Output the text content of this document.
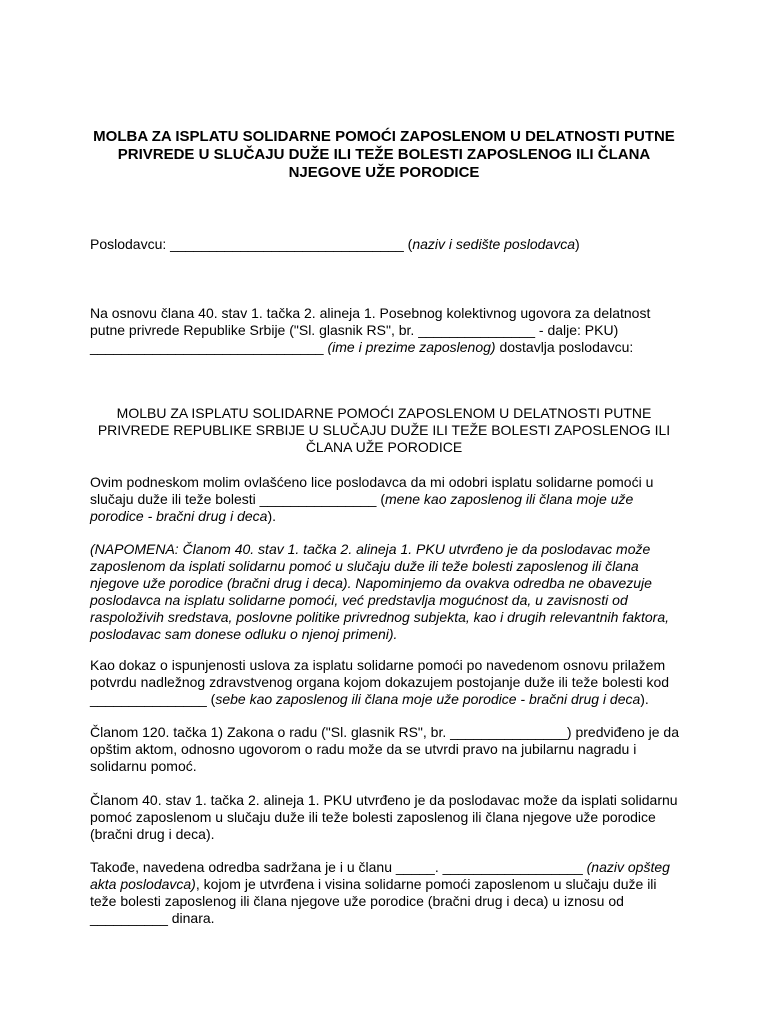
MOLBA ZA ISPLATU SOLIDARNE POMOĆI ZAPOSLENOM U DELATNOSTI PUTNE
PRIVREDE U SLUČAJU DUŽE ILI TEŽE BOLESTI ZAPOSLENOG ILI ČLANA
NJEGOVE UŽE PORODICE
Poslodavcu: ______________________________ (naziv i sedište poslodavca)
Na osnovu člana 40. stav 1. tačka 2. alineja 1. Posebnog kolektivnog ugovora za delatnost
putne privrede Republike Srbije ("Sl. glasnik RS", br. _______________ - dalje: PKU)
______________________________ (ime i prezime zaposlenog) dostavlja poslodavcu:
MOLBU ZA ISPLATU SOLIDARNE POMOĆI ZAPOSLENOM U DELATNOSTI PUTNE
PRIVREDE REPUBLIKE SRBIJE U SLUČAJU DUŽE ILI TEŽE BOLESTI ZAPOSLENOG ILI
ČLANA UŽE PORODICE
Ovim podneskom molim ovlašćeno lice poslodavca da mi odobri isplatu solidarne pomoći u
slučaju duže ili teže bolesti _______________ (mene kao zaposlenog ili člana moje uže
porodice - bračni drug i deca).
(NAPOMENA: Članom 40. stav 1. tačka 2. alineja 1. PKU utvrđeno je da poslodavac može
zaposlenom da isplati solidarnu pomoć u slučaju duže ili teže bolesti zaposlenog ili člana
njegove uže porodice (bračni drug i deca). Napominjemo da ovakva odredba ne obavezuje
poslodavca na isplatu solidarne pomoći, već predstavlja mogućnost da, u zavisnosti od
raspoloživih sredstava, poslovne politike privrednog subjekta, kao i drugih relevantnih faktora,
poslodavac sam donese odluku o njenoj primeni).
Kao dokaz o ispunjenosti uslova za isplatu solidarne pomoći po navedenom osnovu prilažem
potvrdu nadležnog zdravstvenog organa kojom dokazujem postojanje duže ili teže bolesti kod
_______________ (sebe kao zaposlenog ili člana moje uže porodice - bračni drug i deca).
Članom 120. tačka 1) Zakona o radu ("Sl. glasnik RS", br. _______________) predviđeno je da
opštim aktom, odnosno ugovorom o radu može da se utvrdi pravo na jubilarnu nagradu i
solidarnu pomoć.
Članom 40. stav 1. tačka 2. alineja 1. PKU utvrđeno je da poslodavac može da isplati solidarnu
pomoć zaposlenom u slučaju duže ili teže bolesti zaposlenog ili člana njegove uže porodice
(bračni drug i deca).
Takođe, navedena odredba sadržana je i u članu _____. __________________ (naziv opšteg
akta poslodavca), kojom je utvrđena i visina solidarne pomoći zaposlenom u slučaju duže ili
teže bolesti zaposlenog ili člana njegove uže porodice (bračni drug i deca) u iznosu od
__________ dinara.
